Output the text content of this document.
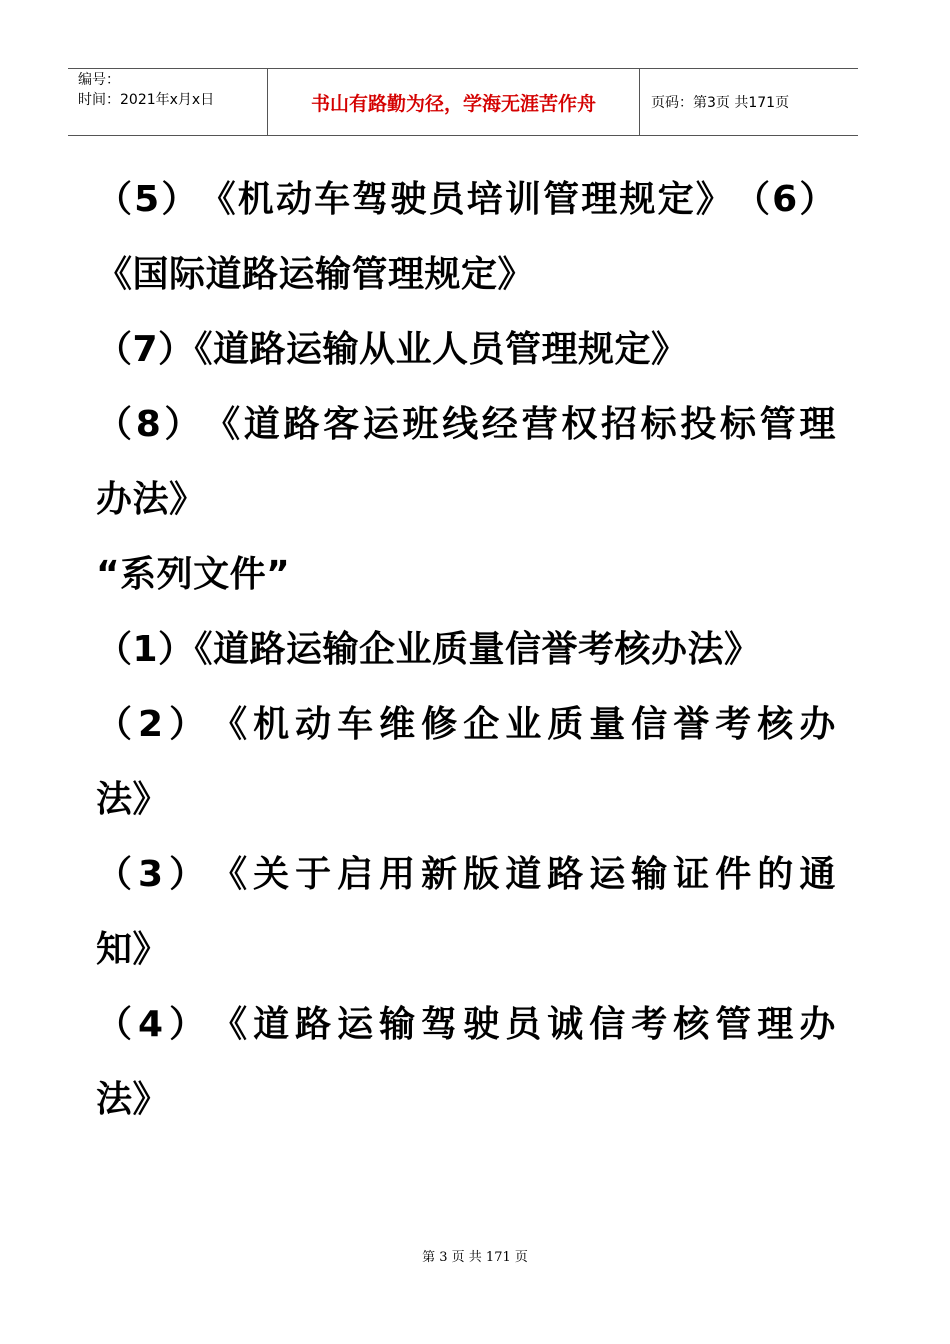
编号：
时间：2021年x月x日	书山有路勤为径，学海无涯苦作舟	页码：第3页 共171页
（ 5 ） 《 机 动 车 驾 驶 员 培 训 管 理 规 定 》 （ 6 ）
《国际道路运输管理规定》
（7）《道路运输从业人员管理规定》
（ 8 ） 《 道 路 客 运 班 线 经 营 权 招 标 投 标 管 理
办法》
“系列文件”
（1）《道路运输企业质量信誉考核办法》
（ 2 ） 《 机 动 车 维 修 企 业 质 量 信 誉 考 核 办
法》
（ 3 ） 《 关 于 启 用 新 版 道 路 运 输 证 件 的 通
知》
（ 4 ） 《 道 路 运 输 驾 驶 员 诚 信 考 核 管 理 办
法》
第 3 页 共 171 页
